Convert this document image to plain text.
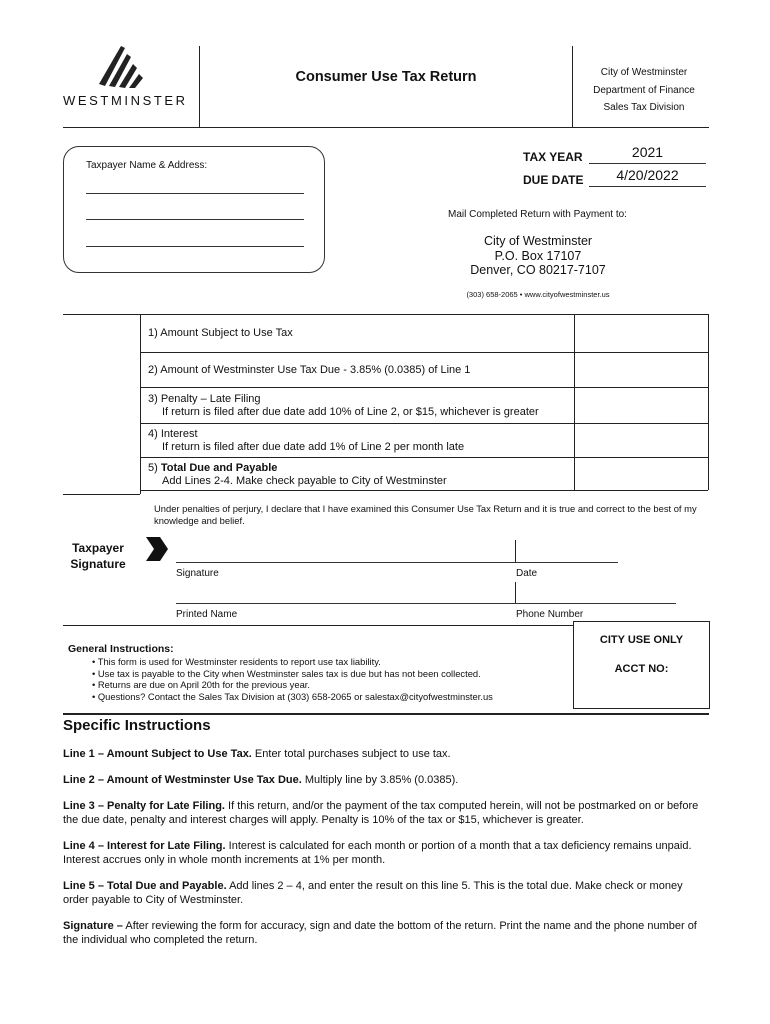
WESTMINSTER
Consumer Use Tax Return	City of Westminster
Department of Finance
Sales Tax Division
Taxpayer Name & Address:
TAX YEAR	2021
DUE DATE	4/20/2022
Mail Completed Return with Payment to:
City of Westminster
P.O. Box 17107
Denver, CO 80217-7107
(303) 658-2065 • www.cityofwestminster.us
1) Amount Subject to Use Tax
2) Amount of Westminster Use Tax Due - 3.85% (0.0385) of Line 1
3) Penalty – Late Filing
If return is filed after due date add 10% of Line 2, or $15, whichever is greater
4) Interest
If return is filed after due date add 1% of Line 2 per month late
5) Total Due and Payable
Add Lines 2-4. Make check payable to City of Westminster
Under penalties of perjury, I declare that I have examined this Consumer Use Tax Return and it is true and correct to the best of my knowledge and belief.
Taxpayer
Signature
Signature	Date
Printed Name	Phone Number
General Instructions:
• This form is used for Westminster residents to report use tax liability.
• Use tax is payable to the City when Westminster sales tax is due but has not been collected.
• Returns are due on April 20th for the previous year.
• Questions? Contact the Sales Tax Division at (303) 658-2065 or salestax@cityofwestminster.us
CITY USE ONLY
ACCT NO:
Specific Instructions

Line 1 – Amount Subject to Use Tax. Enter total purchases subject to use tax.

Line 2 – Amount of Westminster Use Tax Due. Multiply line by 3.85% (0.0385).

Line 3 – Penalty for Late Filing. If this return, and/or the payment of the tax computed herein, will not be postmarked on or before the due date, penalty and interest charges will apply. Penalty is 10% of the tax or $15, whichever is greater.

Line 4 – Interest for Late Filing. Interest is calculated for each month or portion of a month that a tax deficiency remains unpaid. Interest accrues only in whole month increments at 1% per month.

Line 5 – Total Due and Payable. Add lines 2 – 4, and enter the result on this line 5. This is the total due. Make check or money order payable to City of Westminster.

Signature – After reviewing the form for accuracy, sign and date the bottom of the return. Print the name and the phone number of the individual who completed the return.
